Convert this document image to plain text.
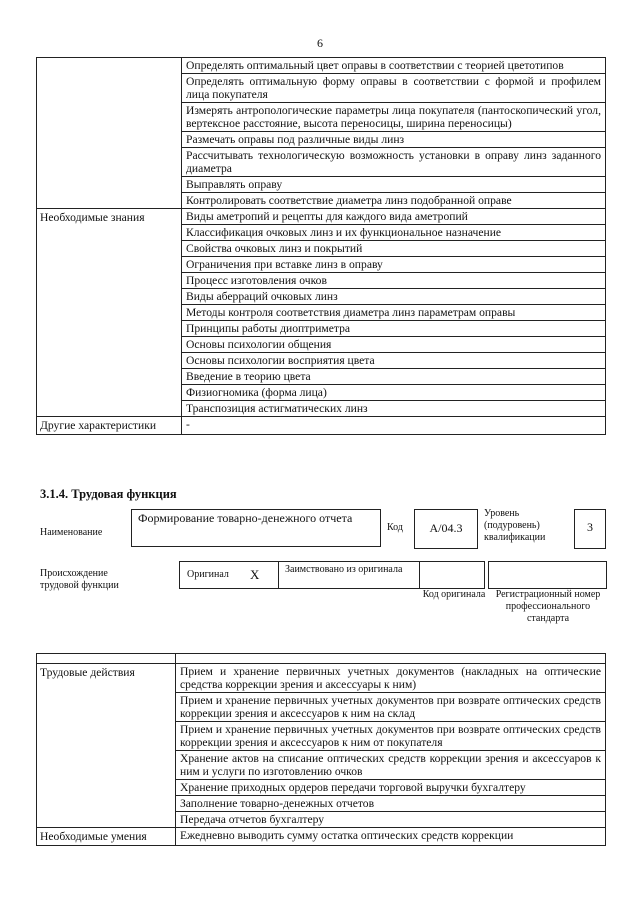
6
	Определять оптимальный цвет оправы в соответствии с теорией цветотипов
	Определять оптимальную форму оправы в соответствии с формой и профилем лица покупателя
	Измерять антропологические параметры лица покупателя (пантоскопический угол, вертексное расстояние, высота переносицы, ширина переносицы)
	Размечать оправы под различные виды линз
	Рассчитывать технологическую возможность установки в оправу линз заданного диаметра
	Выправлять оправу
	Контролировать соответствие диаметра линз подобранной оправе
Необходимые знания	Виды аметропий и рецепты для каждого вида аметропий
	Классификация очковых линз и их функциональное назначение
	Свойства очковых линз и покрытий
	Ограничения при вставке линз в оправу
	Процесс изготовления очков
	Виды аберраций очковых линз
	Методы контроля соответствия диаметра линз параметрам оправы
	Принципы работы диоптриметра
	Основы психологии общения
	Основы психологии восприятия цвета
	Введение в теорию цвета
	Физиогномика (форма лица)
	Транспозиция астигматических линз
Другие характеристики	-
3.1.4. Трудовая функция
Наименование
Формирование товарно-денежного отчета
Код	A/04.3
Уровень (подуровень) квалификации
3
Происхождение трудовой функции
Оригинал X	Заимствовано из оригинала
Код оригинала	Регистрационный номер профессионального стандарта

Трудовые действия	Прием и хранение первичных учетных документов (накладных на оптические средства коррекции зрения и аксессуары к ним)
	Прием и хранение первичных учетных документов при возврате оптических средств коррекции зрения и аксессуаров к ним на склад
	Прием и хранение первичных учетных документов при возврате оптических средств коррекции зрения и аксессуаров к ним от покупателя
	Хранение актов на списание оптических средств коррекции зрения и аксессуаров к ним и услуги по изготовлению очков
	Хранение приходных ордеров передачи торговой выручки бухгалтеру
	Заполнение товарно-денежных отчетов
	Передача отчетов бухгалтеру
Необходимые умения	Ежедневно выводить сумму остатка оптических средств коррекции
